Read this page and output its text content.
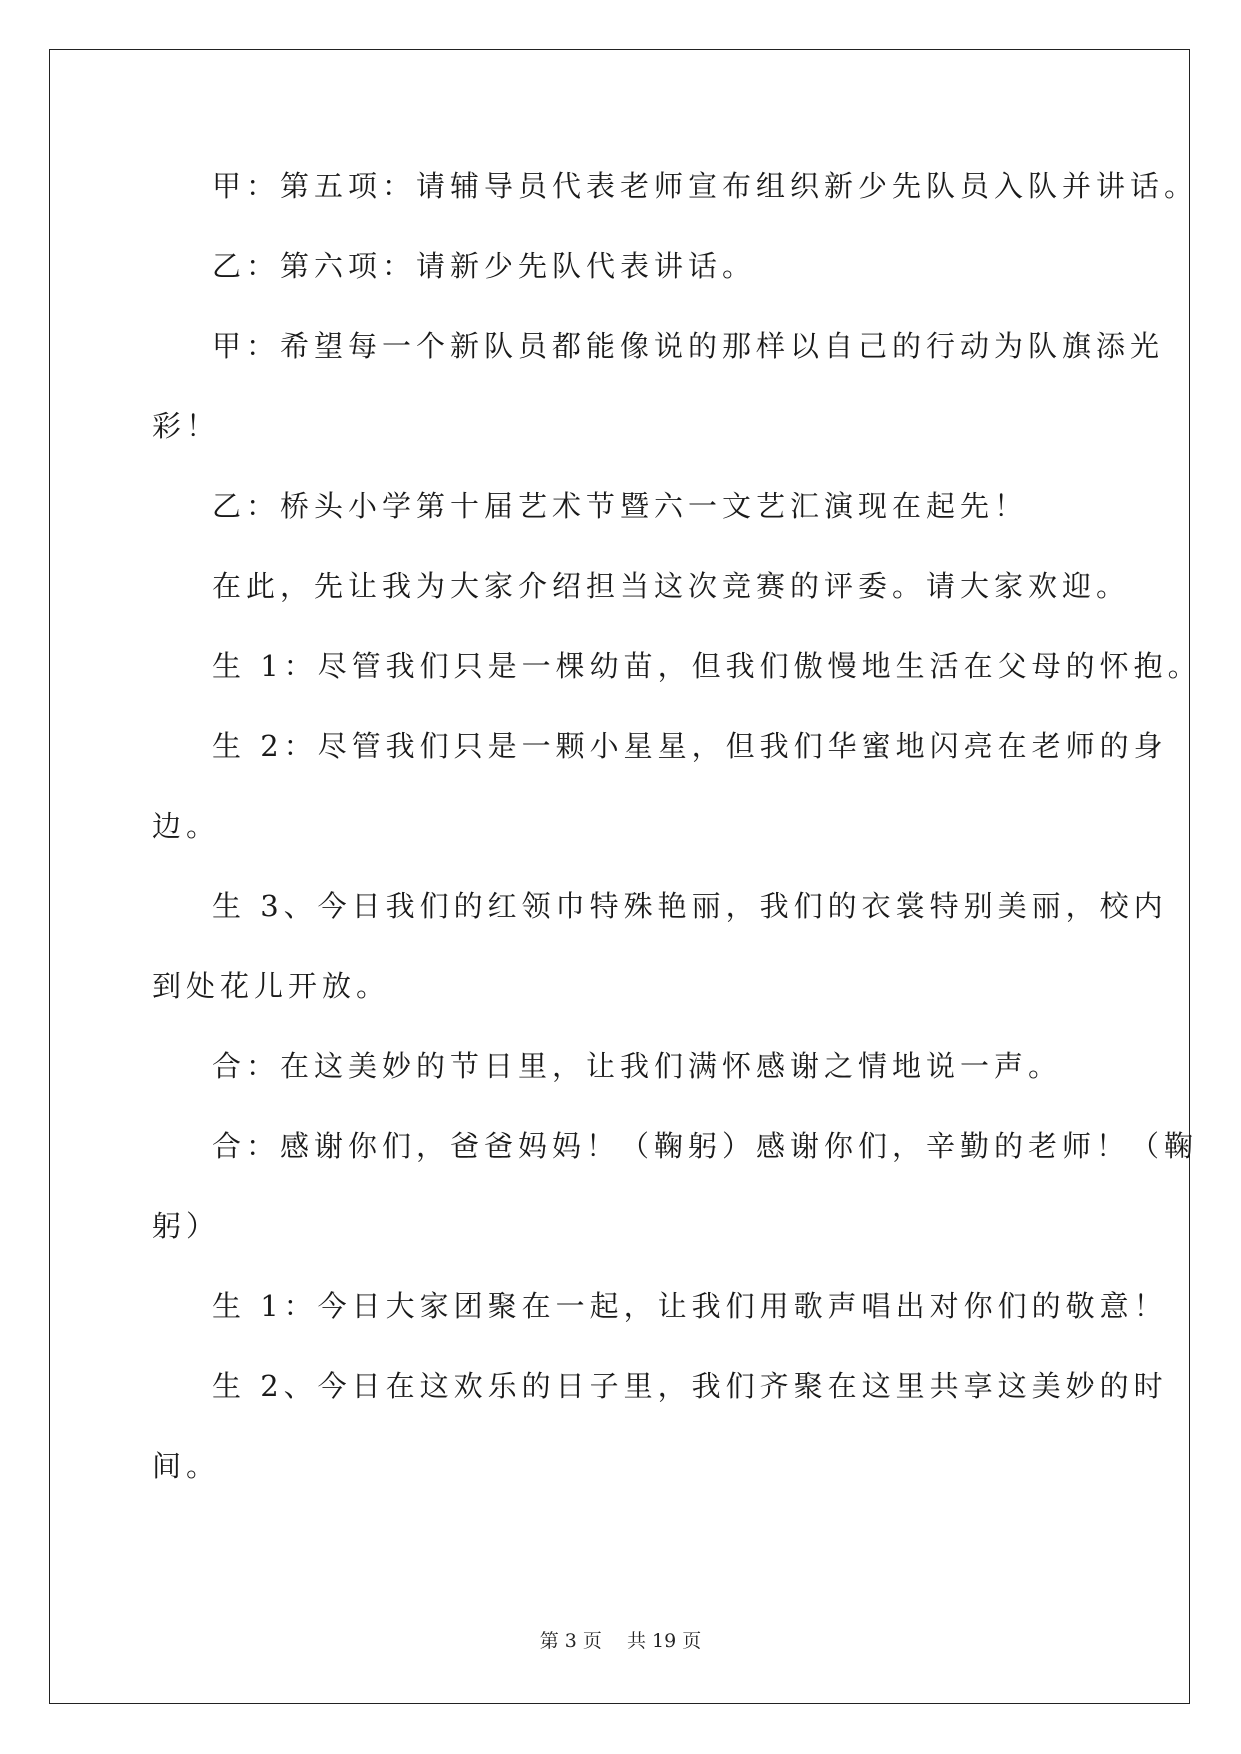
甲：第五项：请辅导员代表老师宣布组织新少先队员入队并讲话。
乙：第六项：请新少先队代表讲话。
甲：希望每一个新队员都能像说的那样以自己的行动为队旗添光
彩！
乙：桥头小学第十届艺术节暨六一文艺汇演现在起先！
在此，先让我为大家介绍担当这次竞赛的评委。请大家欢迎。
生 1：尽管我们只是一棵幼苗，但我们傲慢地生活在父母的怀抱。
生 2：尽管我们只是一颗小星星，但我们华蜜地闪亮在老师的身
边。
生 3、今日我们的红领巾特殊艳丽，我们的衣裳特别美丽，校内
到处花儿开放。
合：在这美妙的节日里，让我们满怀感谢之情地说一声。
合：感谢你们，爸爸妈妈！（鞠躬）感谢你们，辛勤的老师！（鞠
躬）
生 1：今日大家团聚在一起，让我们用歌声唱出对你们的敬意！
生 2、今日在这欢乐的日子里，我们齐聚在这里共享这美妙的时
间。
第 3 页　 共 19 页
